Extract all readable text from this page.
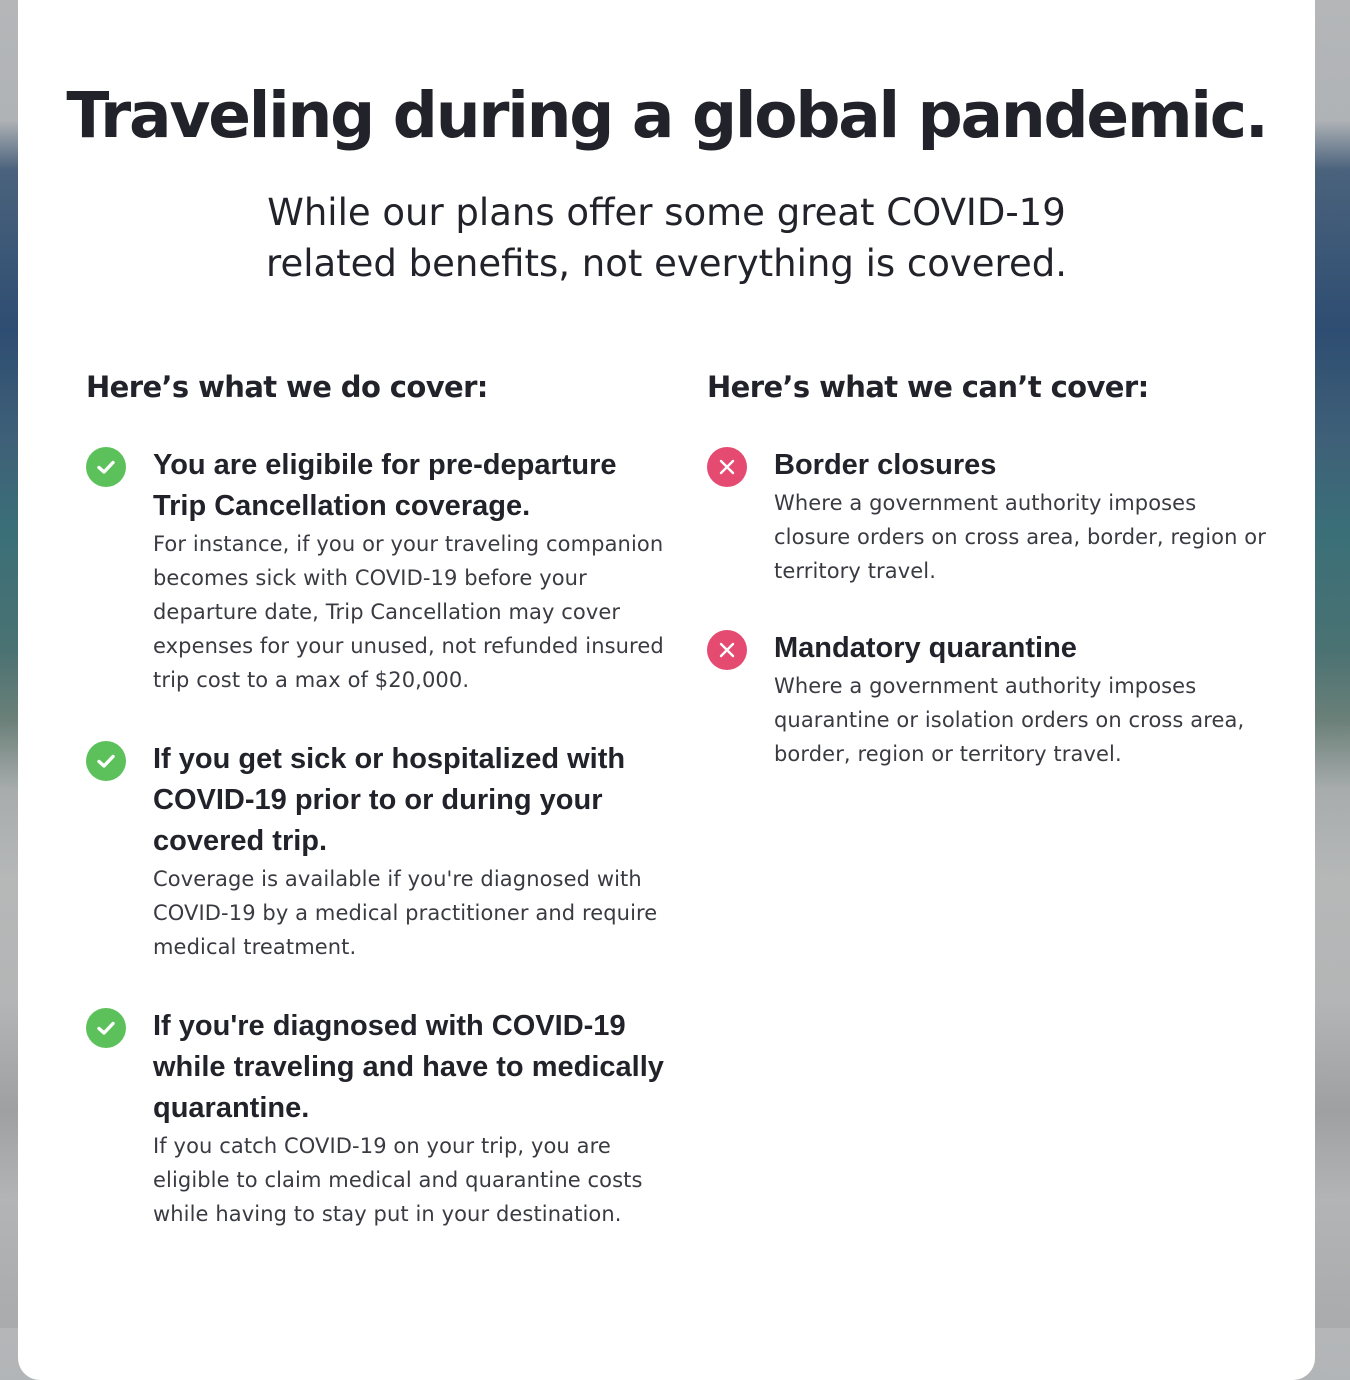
Traveling during a global pandemic.

While our plans offer some great COVID-19
related benefits, not everything is covered.

Here’s what we do cover:

You are eligibile for pre-departure Trip Cancellation coverage.

For instance, if you or your traveling companion becomes sick with COVID-19 before your departure date, Trip Cancellation may cover expenses for your unused, not refunded insured trip cost to a max of $20,000.

If you get sick or hospitalized with COVID-19 prior to or during your covered trip.

Coverage is available if you're diagnosed with COVID-19 by a medical practitioner and require medical treatment.

If you're diagnosed with COVID-19 while traveling and have to medically quarantine.

If you catch COVID-19 on your trip, you are eligible to claim medical and quarantine costs while having to stay put in your destination.

Here’s what we can’t cover:

Border closures

Where a government authority imposes closure orders on cross area, border, region or territory travel.

Mandatory quarantine

Where a government authority imposes quarantine or isolation orders on cross area, border, region or territory travel.
